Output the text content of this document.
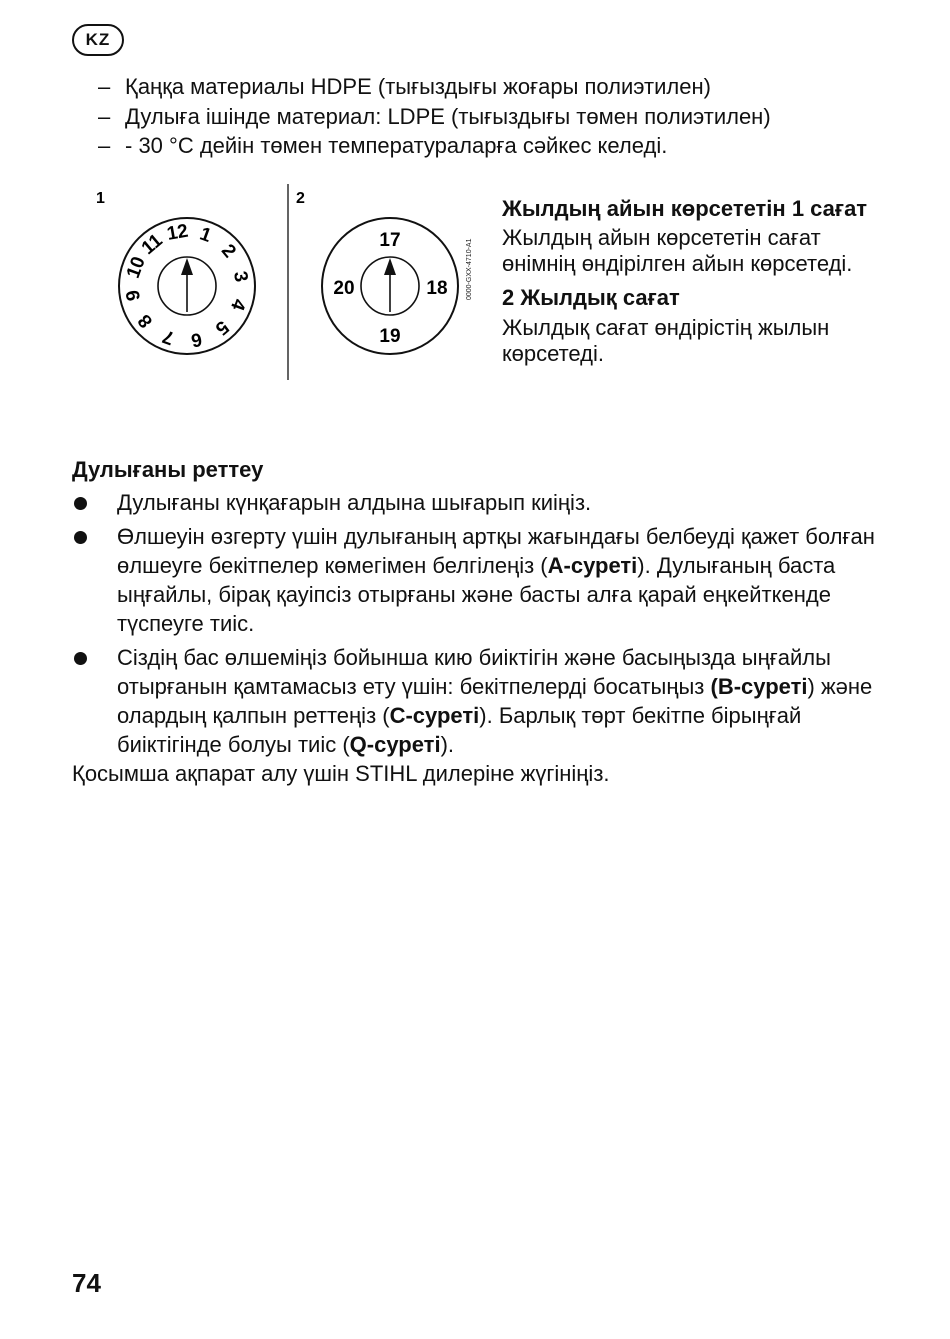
KZ
– Қаңқа материалы HDPE (тығыздығы жоғары полиэтилен)
– Дулыға ішінде материал: LDPE (тығыздығы төмен полиэтилен)
– - 30 °C дейін төмен температураларға сәйкес келеді.
1	2
1
2
3
4
5
6
7
8
9
10
11
12	17
18
19
20	0000-GXX-4710-A1
Жылдың айын көрсететін 1 сағат
Жылдың айын көрсететін сағат өнімнің өндірілген айын көрсетеді.
2 Жылдық сағат
Жылдық сағат өндірістің жылын көрсетеді.
Дулығаны реттеу
Дулығаны күнқағарын алдына шығарып киіңіз.
Өлшеуін өзгерту үшін дулығаның артқы жағындағы белбеуді қажет болған өлшеуге бекітпелер көмегімен белгілеңіз (А-суреті). Дулығаның баста ыңғайлы, бірақ қауіпсіз отырғаны және басты алға қарай еңкейткенде түспеуге тиіс.
Сіздің бас өлшеміңіз бойынша кию биіктігін және басыңызда ыңғайлы отырғанын қамтамасыз ету үшін: бекітпелерді босатыңыз (В-суреті) және олардың қалпын реттеңіз (С-суреті). Барлық төрт бекітпе бірыңғай биіктігінде болуы тиіс (Q-суреті).
Қосымша ақпарат алу үшін STIHL дилеріне жүгініңіз.
74
